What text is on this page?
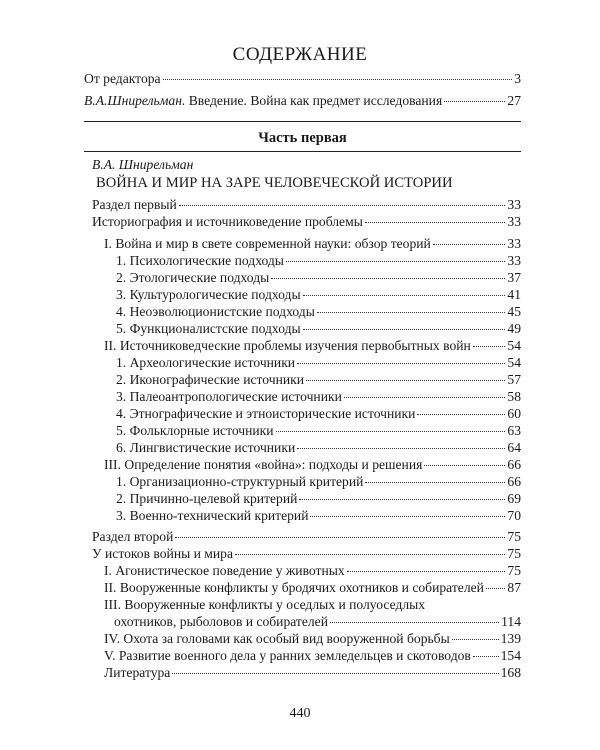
СОДЕРЖАНИЕ
От редактора	3
В.А.Шнирельман. Введение. Война как предмет исследования	27
Часть первая
В.А. Шнирельман
ВОЙНА И МИР НА ЗАРЕ ЧЕЛОВЕЧЕСКОЙ ИСТОРИИ
Раздел первый	33
Историография и источниковедение проблемы	33
I. Война и мир в свете современной науки: обзор теорий	33
1. Психологические подходы	33
2. Этологические подходы	37
3. Культурологические подходы	41
4. Неоэволюционистские подходы	45
5. Функционалистские подходы	49
II. Источниковедческие проблемы изучения первобытных войн	54
1. Археологические источники	54
2. Иконографические источники	57
3. Палеоантропологические источники	58
4. Этнографические и этноисторические источники	60
5. Фольклорные источники	63
6. Лингвистические источники	64
III. Определение понятия «война»: подходы и решения	66
1. Организационно-структурный критерий	66
2. Причинно-целевой критерий	69
3. Военно-технический критерий	70
Раздел второй	75
У истоков войны и мира	75
I. Агонистическое поведение у животных	75
II. Вооруженные конфликты у бродячих охотников и собирателей 87
III. Вооруженные конфликты у оседлых и полуоседлых
охотников, рыболовов и собирателей	114
IV. Охота за головами как особый вид вооруженной борьбы	139
V. Развитие военного дела у ранних земледельцев и скотоводов 154
Литература	168
440
